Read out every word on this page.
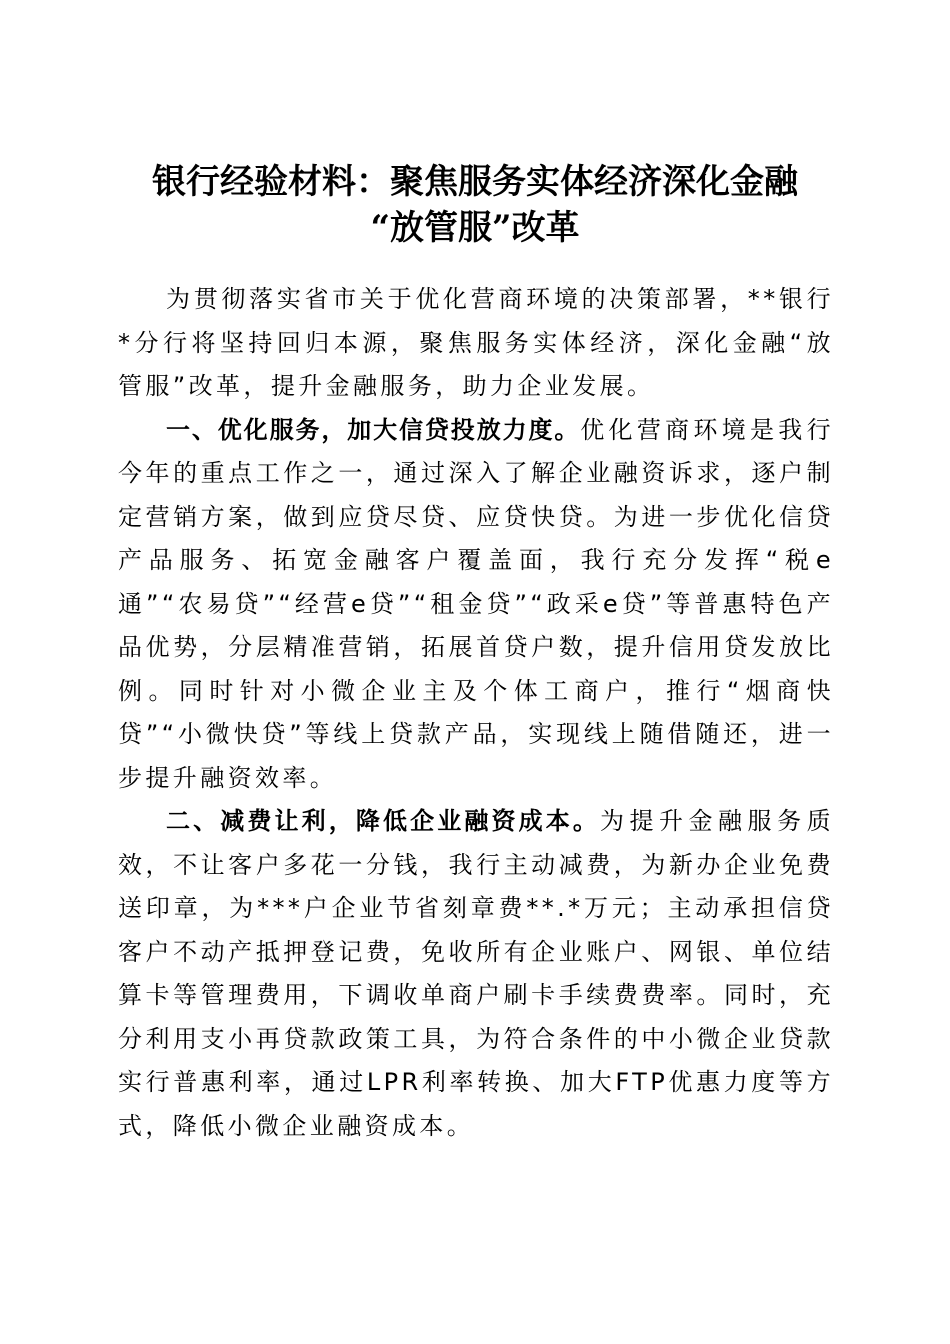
银行经验材料：聚焦服务实体经济深化金融
“放管服”改革

为贯彻落实省市关于优化营商环境的决策部署，**银行*分行将坚持回归本源，聚焦服务实体经济，深化金融“放管服”改革，提升金融服务，助力企业发展。

一、优化服务，加大信贷投放力度。优化营商环境是我行今年的重点工作之一，通过深入了解企业融资诉求，逐户制定营销方案，做到应贷尽贷、应贷快贷。为进一步优化信贷产品服务、拓宽金融客户覆盖面，我行充分发挥“税e通”“农易贷”“经营e贷”“租金贷”“政采e贷”等普惠特色产品优势，分层精准营销，拓展首贷户数，提升信用贷发放比例。同时针对小微企业主及个体工商户，推行“烟商快贷”“小微快贷”等线上贷款产品，实现线上随借随还，进一步提升融资效率。

二、减费让利，降低企业融资成本。为提升金融服务质效，不让客户多花一分钱，我行主动减费，为新办企业免费送印章，为***户企业节省刻章费**.*万元；主动承担信贷客户不动产抵押登记费，免收所有企业账户、网银、单位结算卡等管理费用，下调收单商户刷卡手续费费率。同时，充分利用支小再贷款政策工具，为符合条件的中小微企业贷款实行普惠利率，通过LPR利率转换、加大FTP优惠力度等方式，降低小微企业融资成本。
